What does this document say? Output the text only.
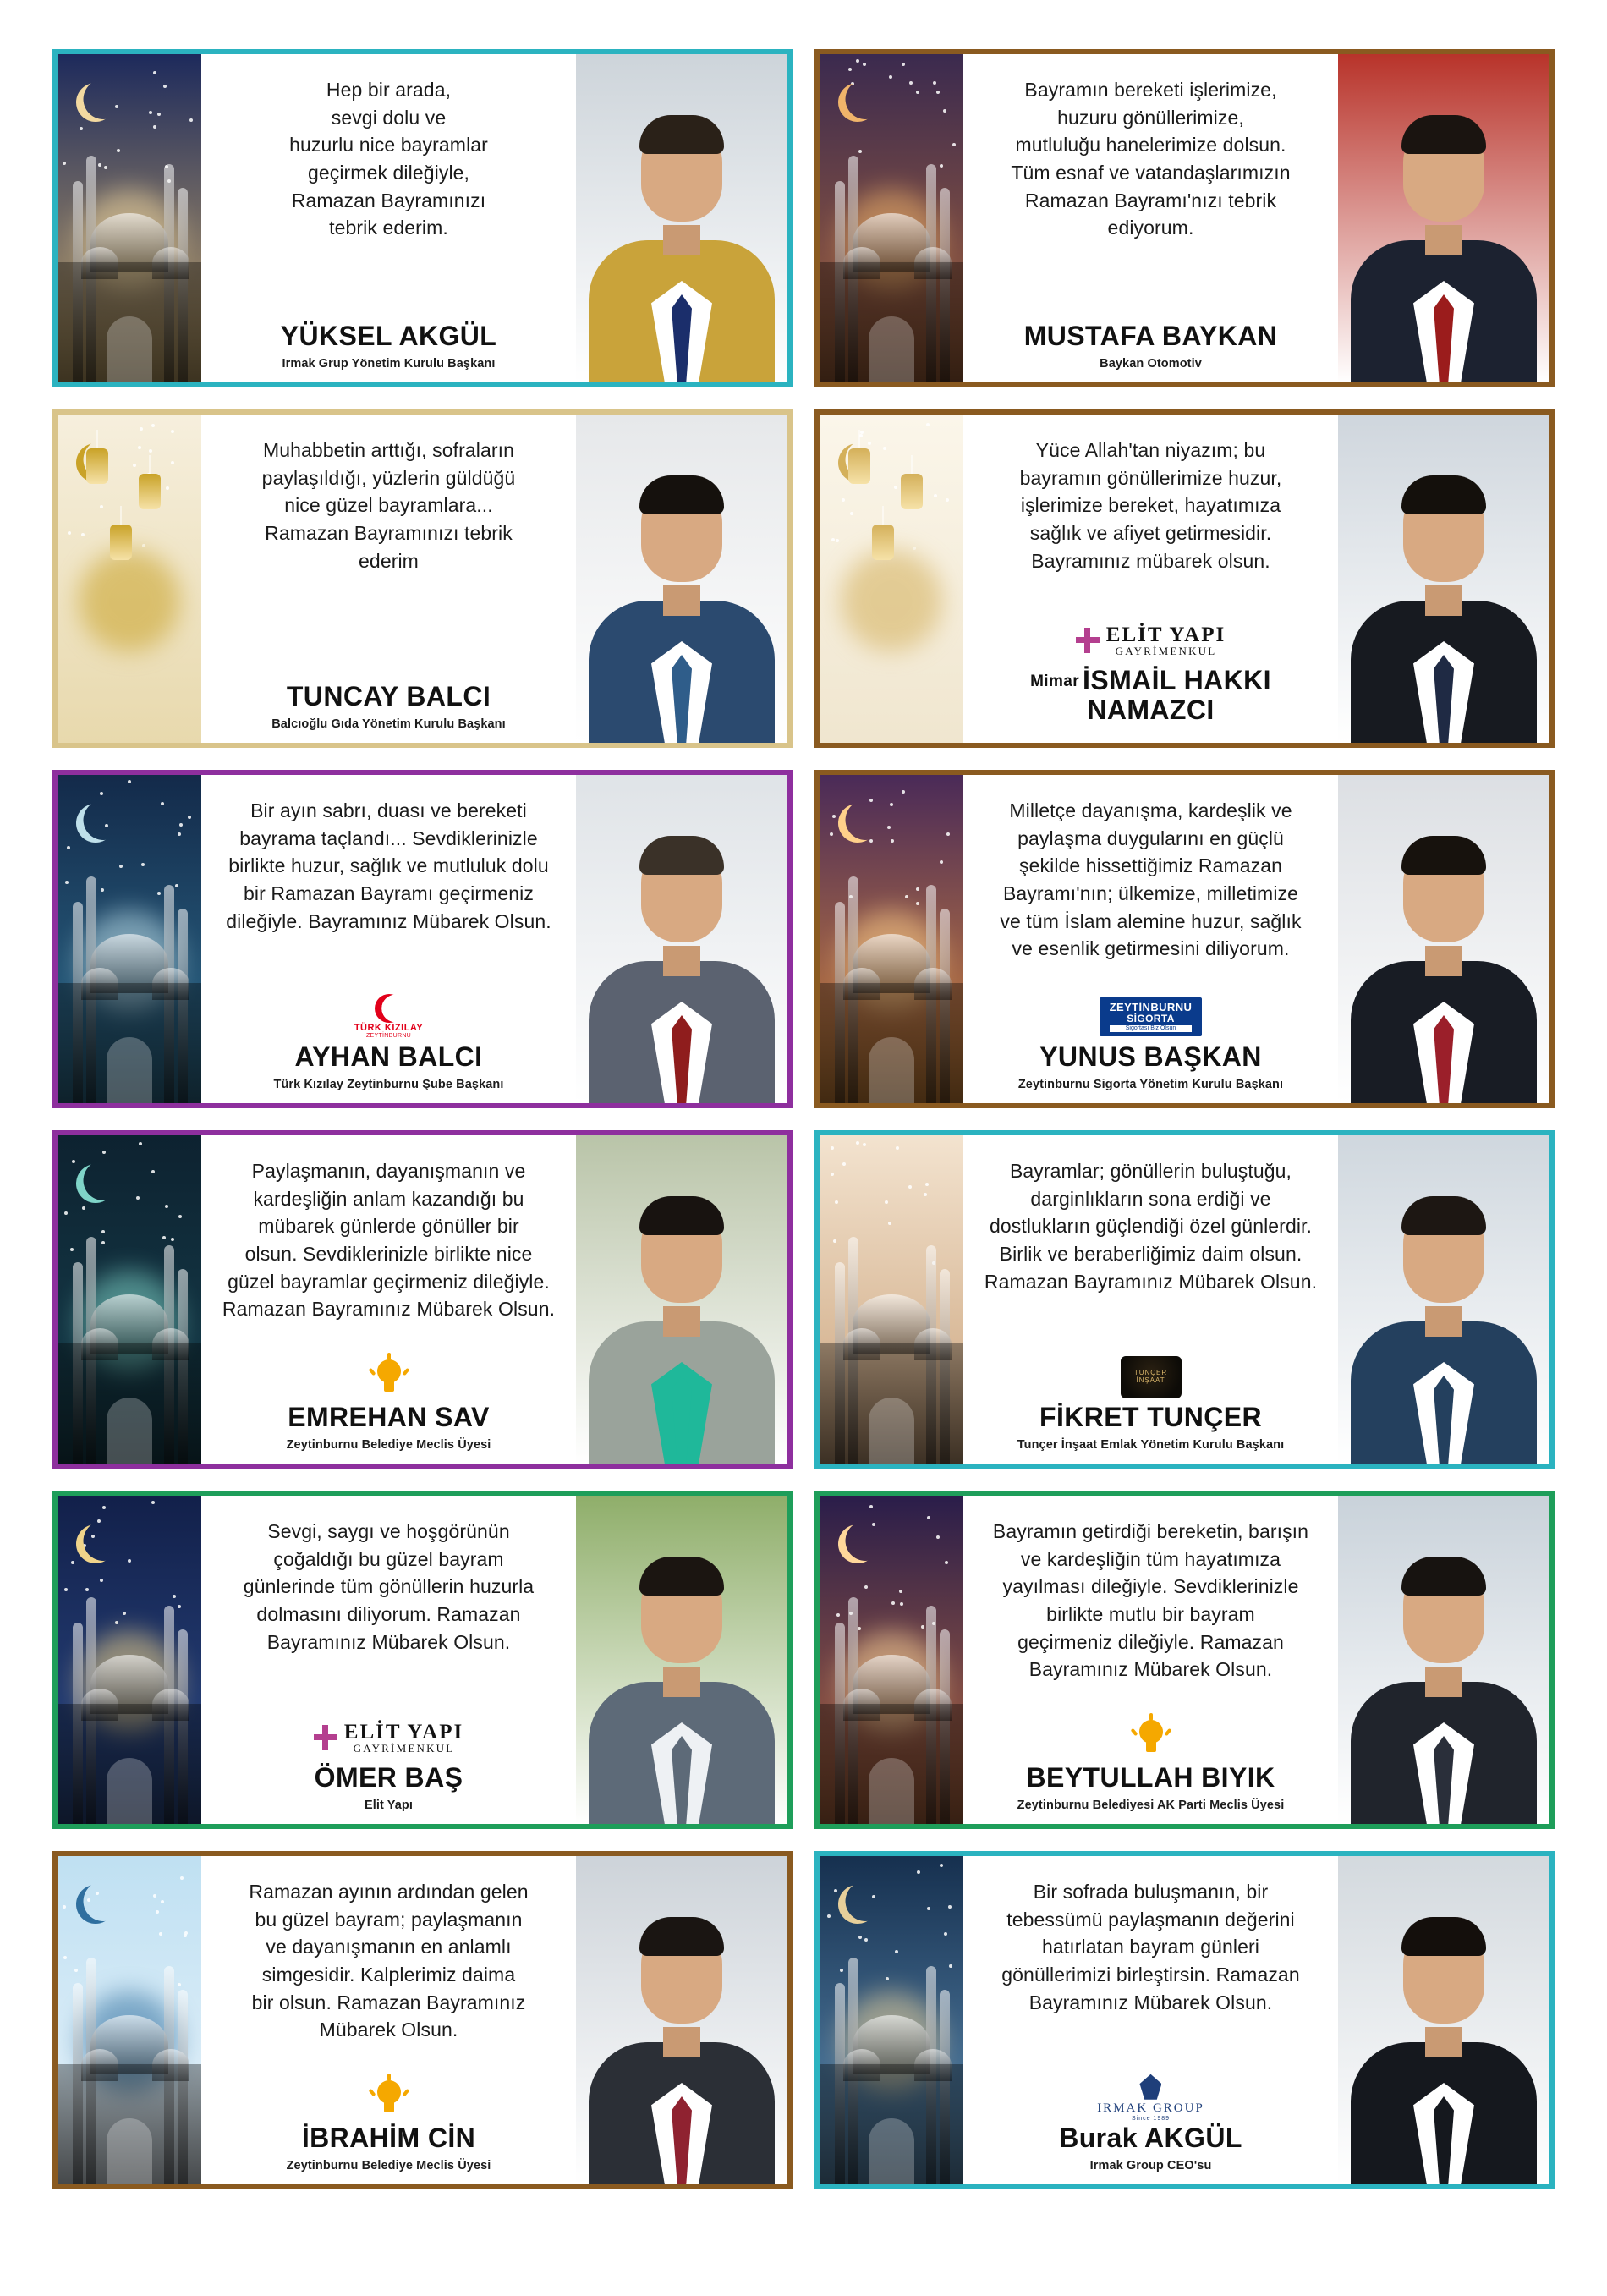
Hep bir arada,
sevgi dolu ve
huzurlu nice bayramlar
geçirmek dileğiyle,
Ramazan Bayramınızı
tebrik ederim.
YÜKSEL AKGÜL
Irmak Grup Yönetim Kurulu Başkanı
Bayramın bereketi işlerimize,
huzuru gönüllerimize,
mutluluğu hanelerimize dolsun.
Tüm esnaf ve vatandaşlarımızın
Ramazan Bayramı'nızı tebrik
ediyorum.
MUSTAFA BAYKAN
Baykan Otomotiv
Muhabbetin arttığı, sofraların
paylaşıldığı, yüzlerin güldüğü
nice güzel bayramlara...
Ramazan Bayramınızı tebrik
ederim
TUNCAY BALCI
Balcıoğlu Gıda Yönetim Kurulu Başkanı
Yüce Allah'tan niyazım; bu
bayramın gönüllerimize huzur,
işlerimize bereket, hayatımıza
sağlık ve afiyet getirmesidir.
Bayramınız mübarek olsun.
ELİT YAPI
GAYRİMENKUL
Mimar İSMAİL HAKKI NAMAZCI
Bir ayın sabrı, duası ve bereketi
bayrama taçlandı... Sevdiklerinizle
birlikte huzur, sağlık ve mutluluk dolu
bir Ramazan Bayramı geçirmeniz
dileğiyle. Bayramınız Mübarek Olsun.
TÜRK KIZILAY
ZEYTİNBURNU
AYHAN BALCI
Türk Kızılay Zeytinburnu Şube Başkanı
Milletçe dayanışma, kardeşlik ve
paylaşma duygularını en güçlü
şekilde hissettiğimiz Ramazan
Bayramı'nın; ülkemize, milletimize
ve tüm İslam alemine huzur, sağlık
ve esenlik getirmesini diliyorum.
ZEYTİNBURNU
SİGORTA
Sigortası Biz Olsun
YUNUS BAŞKAN
Zeytinburnu Sigorta Yönetim Kurulu Başkanı
Paylaşmanın, dayanışmanın ve
kardeşliğin anlam kazandığı bu
mübarek günlerde gönüller bir
olsun. Sevdiklerinizle birlikte nice
güzel bayramlar geçirmeniz dileğiyle.
Ramazan Bayramınız Mübarek Olsun.
EMREHAN SAV
Zeytinburnu Belediye Meclis Üyesi
Bayramlar; gönüllerin buluştuğu,
darginlıkların sona erdiği ve
dostlukların güçlendiği özel günlerdir.
Birlik ve beraberliğimiz daim olsun.
Ramazan Bayramınız Mübarek Olsun.
TUNÇER İNŞAAT
FİKRET TUNÇER
Tunçer İnşaat Emlak Yönetim Kurulu Başkanı
Sevgi, saygı ve hoşgörünün
çoğaldığı bu güzel bayram
günlerinde tüm gönüllerin huzurla
dolmasını diliyorum. Ramazan
Bayramınız Mübarek Olsun.
ELİT YAPI
GAYRİMENKUL
ÖMER BAŞ
Elit Yapı
Bayramın getirdiği bereketin, barışın
ve kardeşliğin tüm hayatımıza
yayılması dileğiyle. Sevdiklerinizle
birlikte mutlu bir bayram
geçirmeniz dileğiyle. Ramazan
Bayramınız Mübarek Olsun.
BEYTULLAH BIYIK
Zeytinburnu Belediyesi AK Parti Meclis Üyesi
Ramazan ayının ardından gelen
bu güzel bayram; paylaşmanın
ve dayanışmanın en anlamlı
simgesidir. Kalplerimiz daima
bir olsun. Ramazan Bayramınız
Mübarek Olsun.
İBRAHİM CİN
Zeytinburnu Belediye Meclis Üyesi
Bir sofrada buluşmanın, bir
tebessümü paylaşmanın değerini
hatırlatan bayram günleri
gönüllerimizi birleştirsin. Ramazan
Bayramınız Mübarek Olsun.
IRMAK GROUP
Since 1989
Burak AKGÜL
Irmak Group CEO'su
